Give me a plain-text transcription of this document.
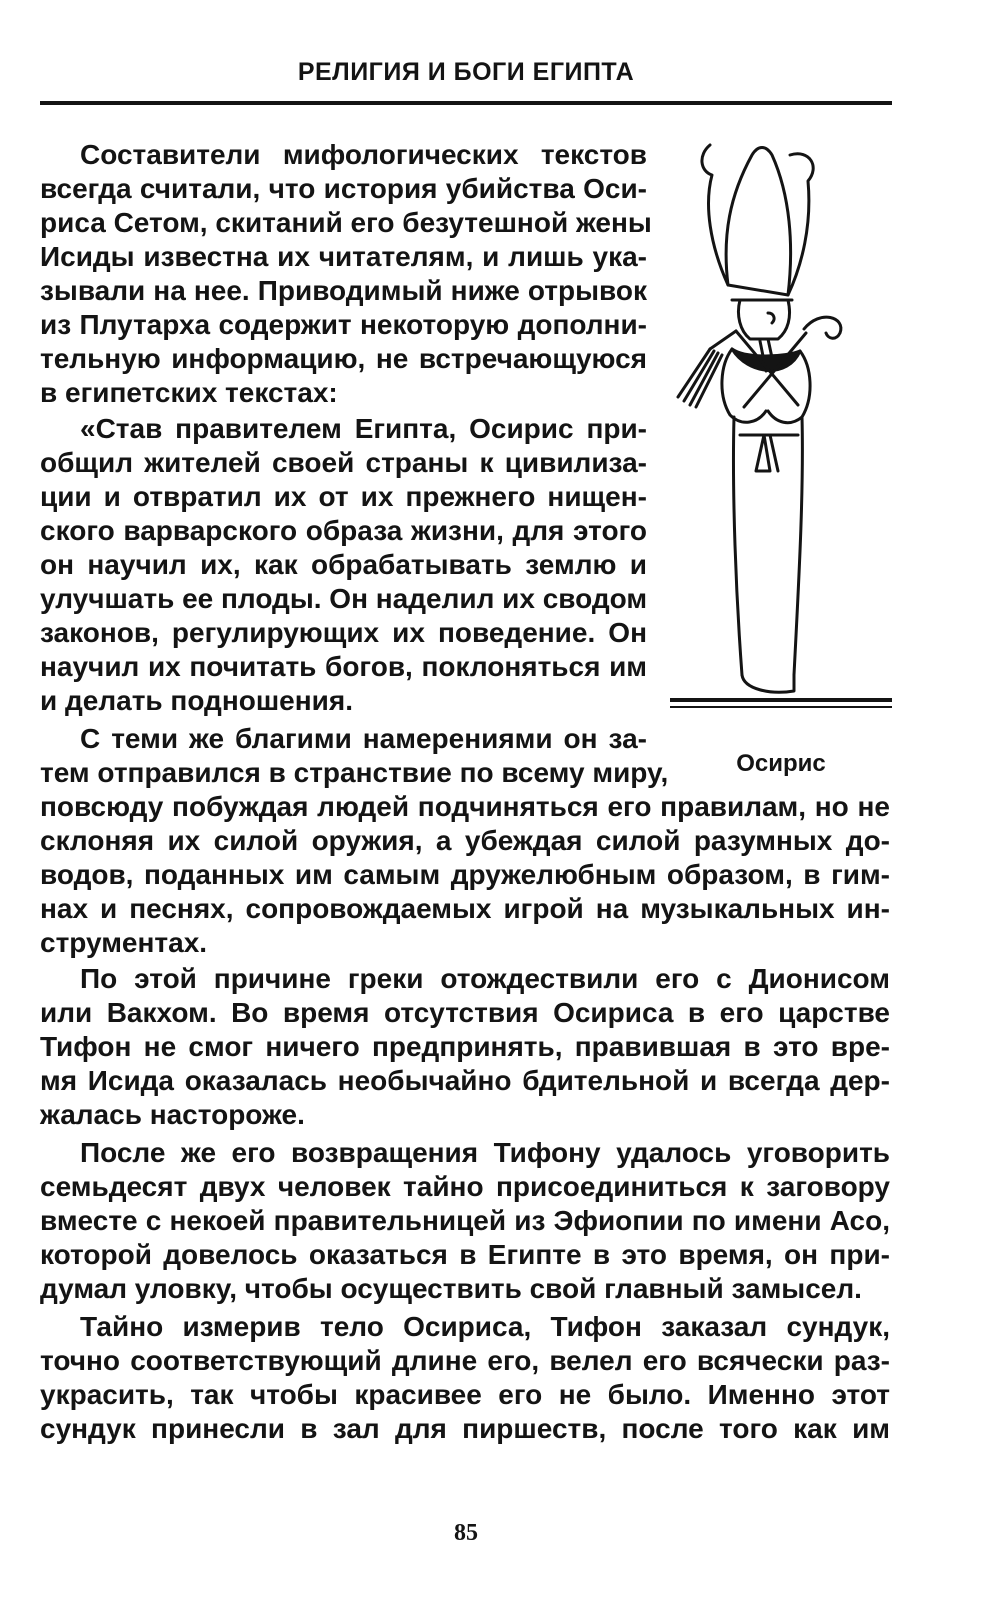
РЕЛИГИЯ И БОГИ ЕГИПТА
Составители мифологических текстов
всегда считали, что история убийства Оси-
риса Сетом, скитаний его безутешной жены
Исиды известна их читателям, и лишь ука-
зывали на нее. Приводимый ниже отрывок
из Плутарха содержит некоторую дополни-
тельную информацию, не встречающуюся
в египетских текстах:
«Став правителем Египта, Осирис при-
общил жителей своей страны к цивилиза-
ции и отвратил их от их прежнего нищен-
ского варварского образа жизни, для этого
он научил их, как обрабатывать землю и
улучшать ее плоды. Он наделил их сводом
законов, регулирующих их поведение. Он
научил их почитать богов, поклоняться им
и делать подношения.
С теми же благими намерениями он за-
тем отправился в странствие по всему миру,
повсюду побуждая людей подчиняться его правилам, но не
склоняя их силой оружия, а убеждая силой разумных до-
водов, поданных им самым дружелюбным образом, в гим-
нах и песнях, сопровождаемых игрой на музыкальных ин-
струментах.
По этой причине греки отождествили его с Дионисом
или Вакхом. Во время отсутствия Осириса в его царстве
Тифон не смог ничего предпринять, правившая в это вре-
мя Исида оказалась необычайно бдительной и всегда дер-
жалась настороже.
После же его возвращения Тифону удалось уговорить
семьдесят двух человек тайно присоединиться к заговору
вместе с некоей правительницей из Эфиопии по имени Асо,
которой довелось оказаться в Египте в это время, он при-
думал уловку, чтобы осуществить свой главный замысел.
Тайно измерив тело Осириса, Тифон заказал сундук,
точно соответствующий длине его, велел его всячески раз-
украсить, так чтобы красивее его не было. Именно этот
сундук принесли в зал для пиршеств, после того как им
Осирис
85
